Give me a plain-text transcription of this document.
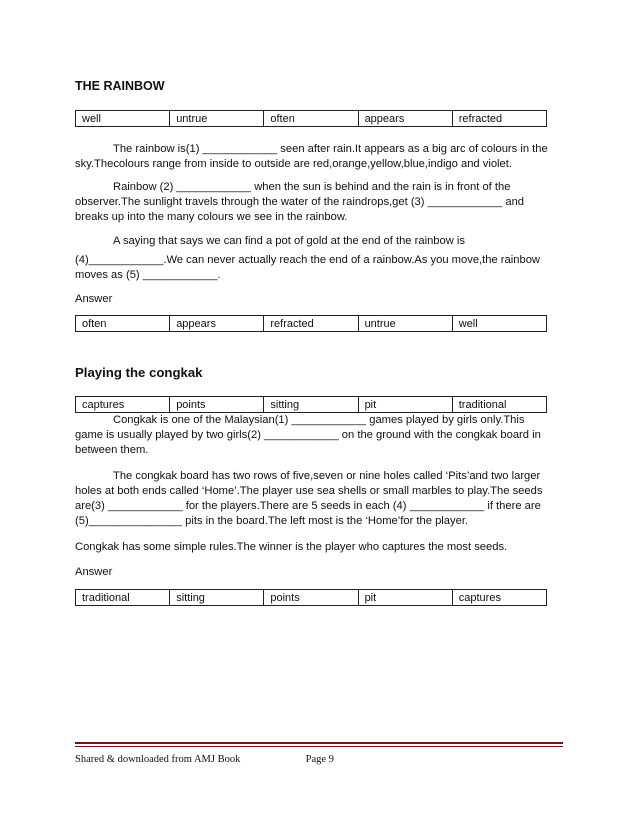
THE RAINBOW
well	untrue	often	appears	refracted

The rainbow is(1) ____________ seen after rain.It appears as a big arc of colours in the sky.Thecolours range from inside to outside are red,orange,yellow,blue,indigo and violet.

Rainbow (2) ____________ when the sun is behind and the rain is in front of the observer.The sunlight travels through the water of the raindrops,get (3) ____________ and breaks up into the many colours we see in the rainbow.

A saying that says we can find a pot of gold at the end of the rainbow is

(4)____________.We can never actually reach the end of a rainbow.As you move,the rainbow moves as (5) ____________.

Answer
often	appears	refracted	untrue	well
Playing the congkak
captures	points	sitting	pit	traditional

Congkak is one of the Malaysian(1) ____________ games played by girls only.This game is usually played by two girls(2) ____________ on the ground with the congkak board in between them.

The congkak board has two rows of five,seven or nine holes called ‘Pits’and two larger holes at both ends called ‘Home’.The player use sea shells or small marbles to play.The seeds are(3) ____________ for the players.There are 5 seeds in each (4) ____________ if there are (5)_______________ pits in the board.The left most is the ‘Home’for the player.

Congkak has some simple rules.The winner is the player who captures the most seeds.

Answer
traditional	sitting	points	pit	captures
Shared & downloaded from AMJ Book	Page 9
